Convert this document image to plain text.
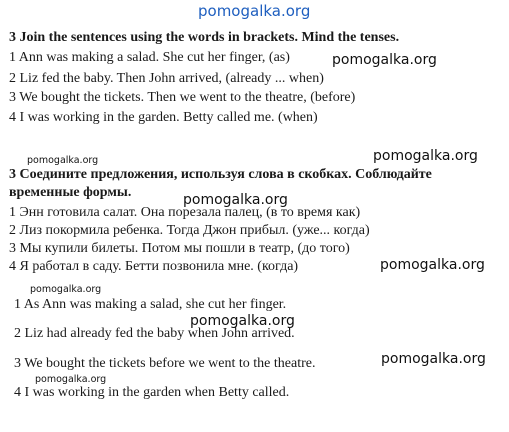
pomogalka.org
3 Join the sentences using the words in brackets. Mind the tenses.
1 Ann was making a salad. She cut her finger, (as)	pomogalka.org
2 Liz fed the baby. Then John arrived, (already ... when)
3 We bought the tickets. Then we went to the theatre, (before)
4 I was working in the garden. Betty called me. (when)
pomogalka.org	pomogalka.org
3 Соедините предложения, используя слова в скобках. Соблюдайте
временные формы.	pomogalka.org
1 Энн готовила салат. Она порезала палец, (в то время как)
2 Лиз покормила ребенка. Тогда Джон прибыл. (уже... когда)
3 Мы купили билеты. Потом мы пошли в театр, (до того)
4 Я работал в саду. Бетти позвонила мне. (когда)	pomogalka.org
pomogalka.org
1 As Ann was making a salad, she cut her finger.
pomogalka.org
2 Liz had already fed the baby when John arrived.
pomogalka.org
3 We bought the tickets before we went to the theatre.
pomogalka.org
4 I was working in the garden when Betty called.
